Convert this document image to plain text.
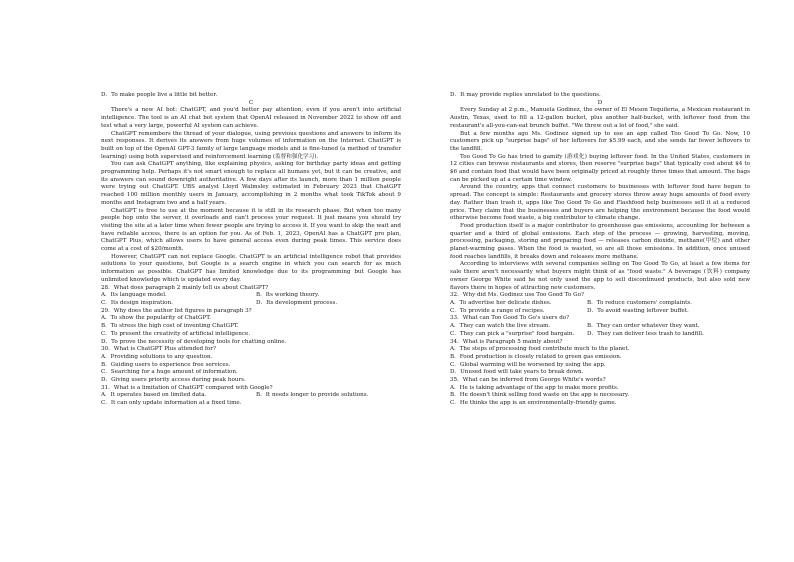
D．To make people live a little bit better.
C

There's a new AI bot: ChatGPT, and you'd better pay attention, even if you aren't into artificial intelligence. The tool is an AI chat bot system that OpenAI released in November 2022 to show off and test what a very large, powerful AI system can achieve.

ChatGPT remembers the thread of your dialogue, using previous questions and answers to inform its next responses. It derives its answers from huge volumes of information on the Internet. ChatGPT is built on top of the OpenAI GPT-3 family of large language models and is fine-tuned (a method of transfer learning) using both supervised and reinforcement learning (监督和强化学习).

You can ask ChatGPT anything, like explaining physics, asking for birthday party ideas and getting programming help. Perhaps it's not smart enough to replace all humans yet, but it can be creative, and its answers can sound downright authoritative. A few days after its launch, more than 1 million people were trying out ChatGPT. UBS analyst Lloyd Walmsley estimated in February 2023 that ChatGPT reached 100 million monthly users in January, accomplishing in 2 months what took TikTok about 9 months and Instagram two and a half years.

ChatGPT is free to use at the moment because it is still in its research phase. But when too many people hop onto the server, it overloads and can't process your request. It just means you should try visiting the site at a later time when fewer people are trying to access it. If you want to skip the wait and have reliable access, there is an option for you. As of Feb. 1, 2023, OpenAI has a ChatGPT pro plan, ChatGPT Plus, which allows users to have general access even during peak times. This service does come at a cost of $20/month.

However, ChatGPT can not replace Google. ChatGPT is an artificial intelligence robot that provides solutions to your questions, but Google is a search engine in which you can search for as much information as possible. ChatGPT has limited knowledge due to its programming but Google has unlimited knowledge which is updated every day.

28．What does paragraph 2 mainly tell us about ChatGPT?
A．Its language model.	B．Its working theory.
C．Its design inspiration.	D．Its development process.
29．Why does the author list figures in paragraph 3?
A．To show the popularity of ChatGPT.
B．To stress the high cost of inventing ChatGPT.
C．To present the creativity of artificial intelligence.
D．To prove the necessity of developing tools for chatting online.
30．What is ChatGPT Plus attended for?
A．Providing solutions to any question.
B．Guiding users to experience free services.
C．Searching for a huge amount of information.
D．Giving users priority access during peak hours.
31．What is a limitation of ChatGPT compared with Google?
A．It operates based on limited data.	B．It needs longer to provide solutions.
C．It can only update information at a fixed time.
D．It may provide replies unrelated to the questions.
D

Every Sunday at 2 p.m., Manuela Godinez, the owner of El Meson Tequileria, a Mexican restaurant in Austin, Texas, used to fill a 12-gallon bucket, plus another half-bucket, with leftover food from the restaurant's all-you-can-eat brunch buffet. "We threw out a lot of food," she said.

But a few months ago Ms. Godinez signed up to use an app called Too Good To Go. Now, 10 customers pick up "surprise bags" of her leftovers for $5.99 each, and she sends far fewer leftovers to the landfill.

Too Good To Go has tried to gamify (游戏化) buying leftover food. In the United States, customers in 12 cities can browse restaurants and stores, then reserve "surprise bags" that typically cost about $4 to $6 and contain food that would have been originally priced at roughly three times that amount. The bags can be picked up at a certain time window.

Around the country, apps that connect customers to businesses with leftover food have begun to spread. The concept is simple: Restaurants and grocery stores throw away huge amounts of food every day. Rather than trash it, apps like Too Good To Go and Flashfood help businesses sell it at a reduced price. They claim that the businesses and buyers are helping the environment because the food would otherwise become food waste, a big contributor to climate change.

Food production itself is a major contributor to greenhouse gas emissions, accounting for between a quarter and a third of global emissions. Each step of the process — growing, harvesting, moving, processing, packaging, storing and preparing food — releases carbon dioxide, methane(甲烷) and other planet-warming gases. When the food is wasted, so are all those emissions. In addition, once unused food reaches landfills, it breaks down and releases more methane.

According to interviews with several companies selling on Too Good To Go, at least a few items for sale there aren't necessarily what buyers might think of as "food waste." A beverage (饮料) company owner George White said he not only used the app to sell discontinued products, but also sold new flavors there in hopes of attracting new customers.

32．Why did Ms. Godinez use Too Good To Go?
A．To advertise her delicate dishes.	B．To reduce customers' complaints.
C．To provide a range of recipes.	D．To avoid wasting leftover buffet.
33．What can Too Good To Go's users do?
A．They can watch the live stream.	B．They can order whatever they want.
C．They can pick a "surprise" food bargain.	D．They can deliver less trash to landfill.
34．What is Paragraph 5 mainly about?
A．The steps of processing food contribute much to the planet.
B．Food production is closely related to green gas emission.
C．Global warming will be worsened by using the app.
D．Unused food will take years to break down.
35．What can be inferred from George White's words?
A．He is taking advantage of the app to make more profits.
B．He doesn't think selling food waste on the app is necessary.
C．He thinks the app is an environmentally-friendly game.
